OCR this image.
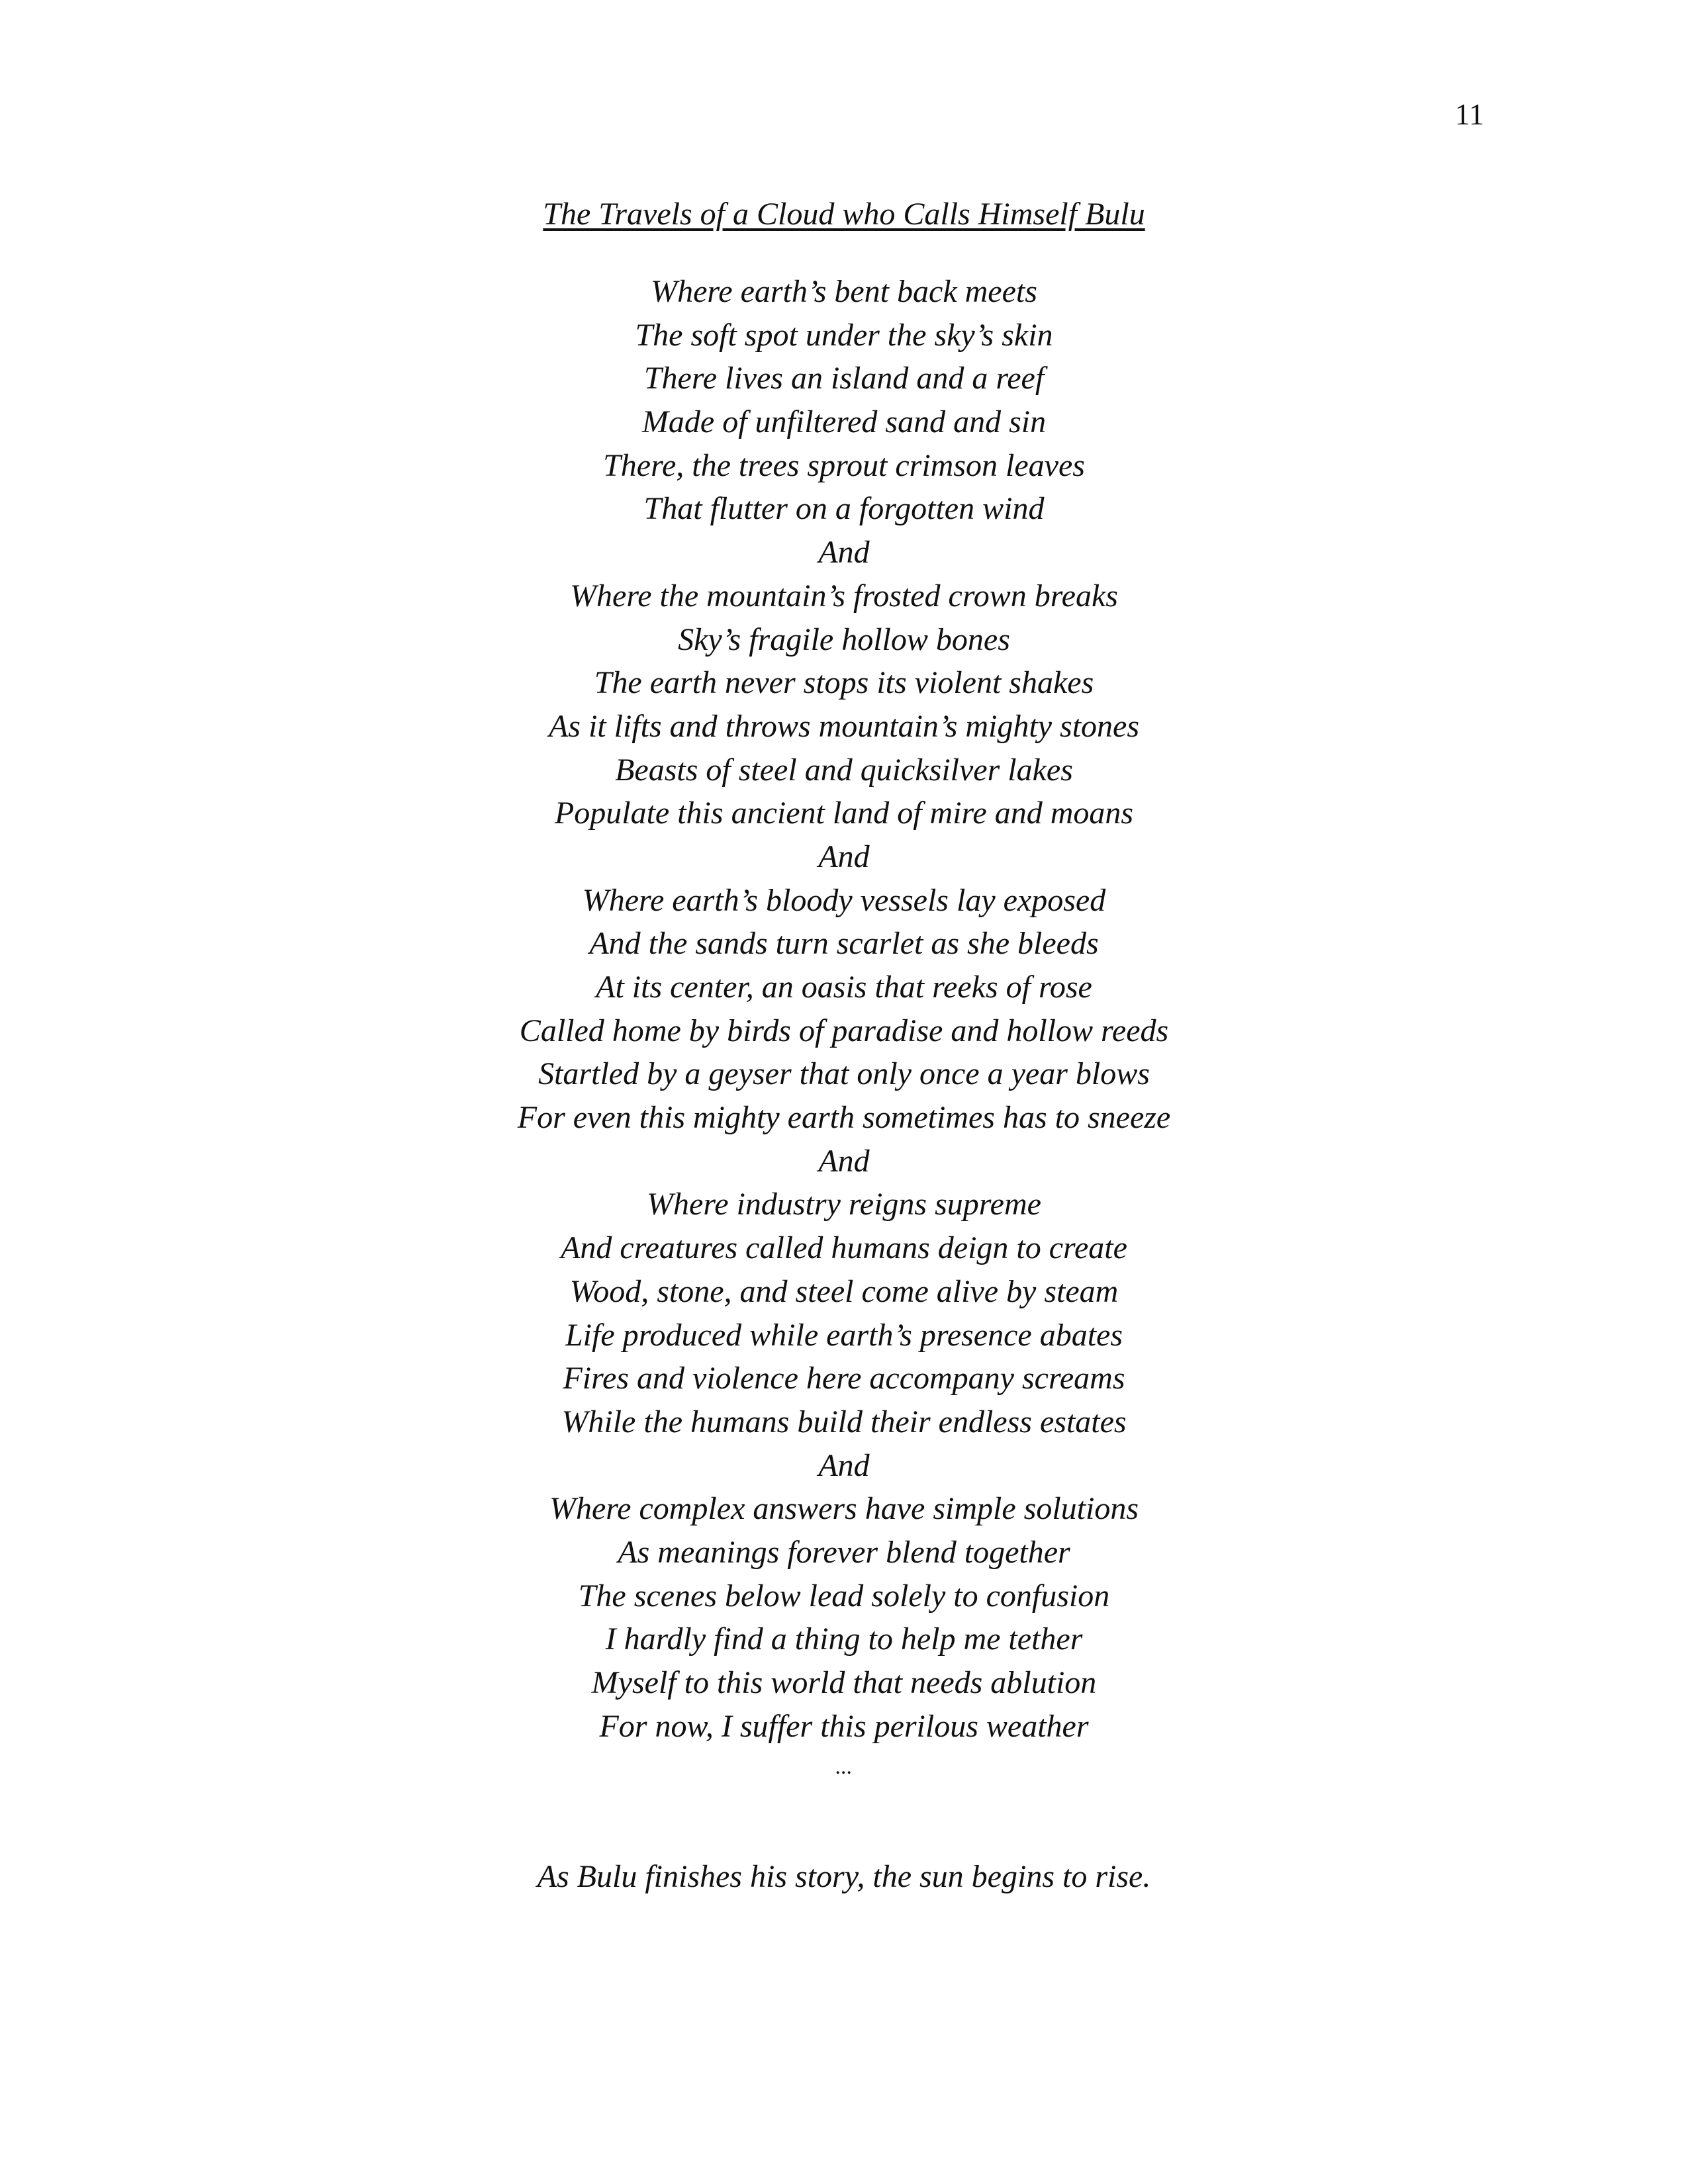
11
The Travels of a Cloud who Calls Himself Bulu
Where earth’s bent back meets
The soft spot under the sky’s skin
There lives an island and a reef
Made of unfiltered sand and sin
There, the trees sprout crimson leaves
That flutter on a forgotten wind
And
Where the mountain’s frosted crown breaks
Sky’s fragile hollow bones
The earth never stops its violent shakes
As it lifts and throws mountain’s mighty stones
Beasts of steel and quicksilver lakes
Populate this ancient land of mire and moans
And
Where earth’s bloody vessels lay exposed
And the sands turn scarlet as she bleeds
At its center, an oasis that reeks of rose
Called home by birds of paradise and hollow reeds
Startled by a geyser that only once a year blows
For even this mighty earth sometimes has to sneeze
And
Where industry reigns supreme
And creatures called humans deign to create
Wood, stone, and steel come alive by steam
Life produced while earth’s presence abates
Fires and violence here accompany screams
While the humans build their endless estates
And
Where complex answers have simple solutions
As meanings forever blend together
The scenes below lead solely to confusion
I hardly find a thing to help me tether
Myself to this world that needs ablution
For now, I suffer this perilous weather
...
As Bulu finishes his story, the sun begins to rise.
